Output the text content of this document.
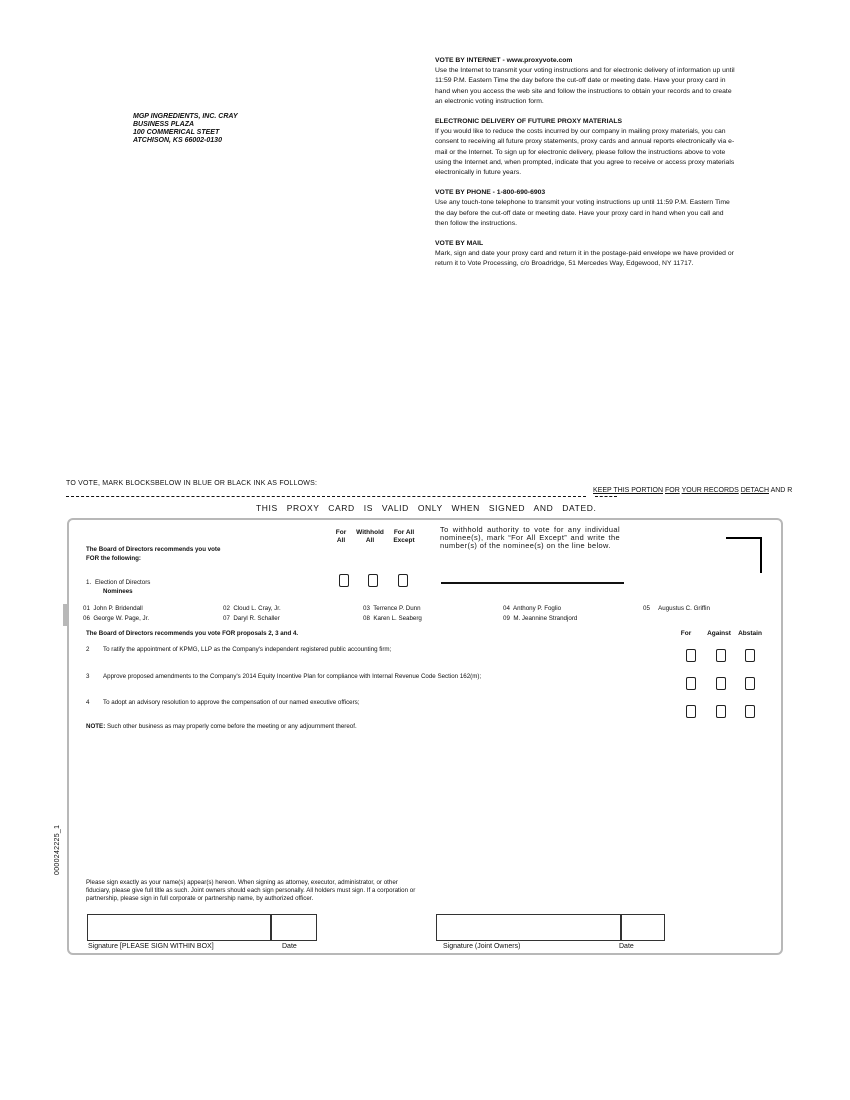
MGP INGREDIENTS, INC. CRAY
BUSINESS PLAZA
100 COMMERICAL STEET
ATCHISON, KS 66002-0130
VOTE BY INTERNET - www.proxyvote.com
Use the Internet to transmit your voting instructions and for electronic delivery of information up until 11:59 P.M. Eastern Time the day before the cut-off date or meeting date. Have your proxy card in hand when you access the web site and follow the instructions to obtain your records and to create an electronic voting instruction form.
ELECTRONIC DELIVERY OF FUTURE PROXY MATERIALS
If you would like to reduce the costs incurred by our company in mailing proxy materials, you can consent to receiving all future proxy statements, proxy cards and annual reports electronically via e-mail or the Internet. To sign up for electronic delivery, please follow the instructions above to vote using the Internet and, when prompted, indicate that you agree to receive or access proxy materials electronically in future years.
VOTE BY PHONE - 1-800-690-6903
Use any touch-tone telephone to transmit your voting instructions up until 11:59 P.M. Eastern Time the day before the cut-off date or meeting date. Have your proxy card in hand when you call and then follow the instructions.
VOTE BY MAIL
Mark, sign and date your proxy card and return it in the postage-paid envelope we have provided or return it to Vote Processing, c/o Broadridge, 51 Mercedes Way, Edgewood, NY 11717.
TO VOTE, MARK BLOCKSBELOW IN BLUE OR BLACK INK AS FOLLOWS:
KEEP THIS PORTION FOR YOUR RECORDS DETACH AND R
THIS PROXY CARD IS VALID ONLY WHEN SIGNED AND DATED.
The Board of Directors recommends you vote
FOR the following:
For
All
Withhold
All
For All
Except
To withhold authority to vote for any individual nominee(s), mark “For All Except” and write the number(s) of the nominee(s) on the line below.
1. Election of Directors
Nominees
01 John P. Bridendall	02 Cloud L. Cray, Jr.	03 Terrence P. Dunn	04 Anthony P. Foglio	05 Augustus C. Griffin
06 George W. Page, Jr.	07 Daryl R. Schaller	08 Karen L. Seaberg	09 M. Jeannine Strandjord
The Board of Directors recommends you vote FOR proposals 2, 3 and 4.	For	Against	Abstain
2 To ratify the appointment of KPMG, LLP as the Company's independent registered public accounting firm;
3 Approve proposed amendments to the Company's 2014 Equity Incentive Plan for compliance with Internal Revenue Code Section 162(m);
4 To adopt an advisory resolution to approve the compensation of our named executive officers;
NOTE: Such other business as may properly come before the meeting or any adjournment thereof.
Please sign exactly as your name(s) appear(s) hereon. When signing as attorney, executor, administrator, or other fiduciary, please give full title as such. Joint owners should each sign personally. All holders must sign. If a corporation or partnership, please sign in full corporate or partnership name, by authorized officer.
Signature [PLEASE SIGN WITHIN BOX]	Date	Signature (Joint Owners)	Date
0000242225_1
